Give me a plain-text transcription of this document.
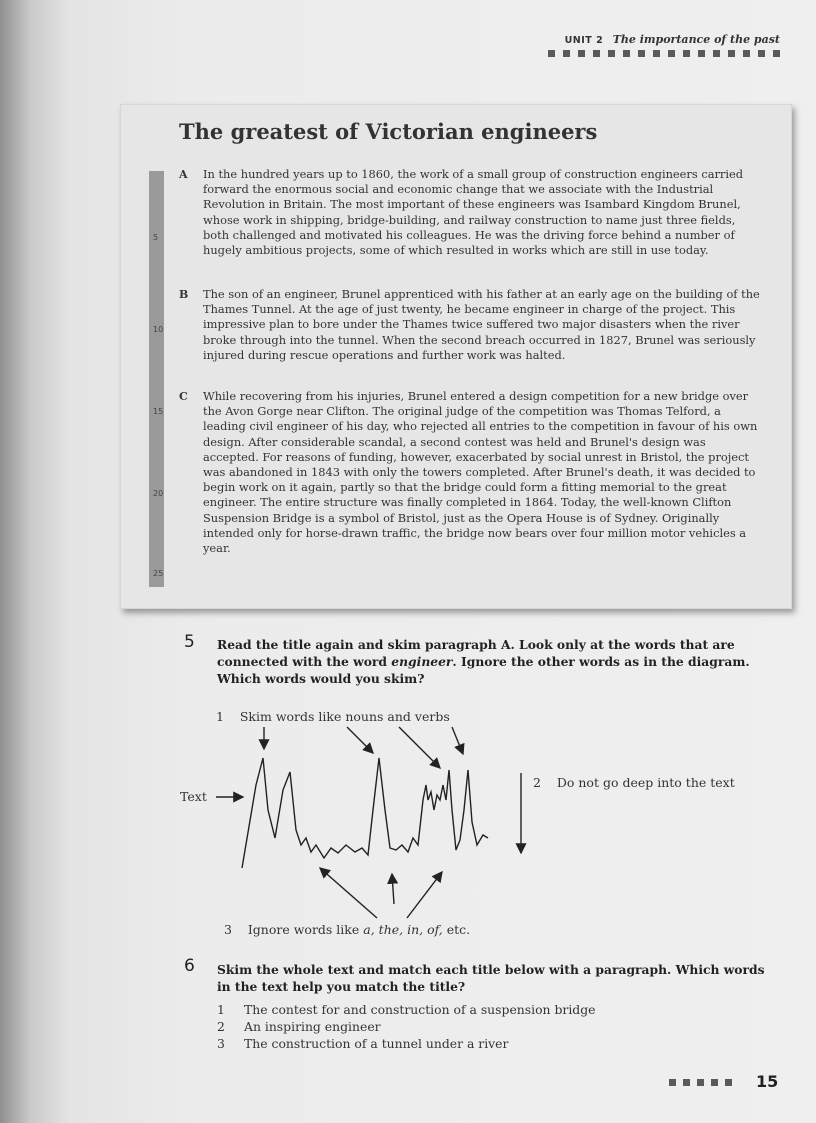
UNIT 2 The importance of the past
The greatest of Victorian engineers
5
10
15
20
25
A In the hundred years up to 1860, the work of a small group of construction engineers carried forward the enormous social and economic change that we associate with the Industrial Revolution in Britain. The most important of these engineers was Isambard Kingdom Brunel, whose work in shipping, bridge-building, and railway construction to name just three fields, both challenged and motivated his colleagues. He was the driving force behind a number of hugely ambitious projects, some of which resulted in works which are still in use today.
B The son of an engineer, Brunel apprenticed with his father at an early age on the building of the Thames Tunnel. At the age of just twenty, he became engineer in charge of the project. This impressive plan to bore under the Thames twice suffered two major disasters when the river broke through into the tunnel. When the second breach occurred in 1827, Brunel was seriously injured during rescue operations and further work was halted.
C While recovering from his injuries, Brunel entered a design competition for a new bridge over the Avon Gorge near Clifton. The original judge of the competition was Thomas Telford, a leading civil engineer of his day, who rejected all entries to the competition in favour of his own design. After considerable scandal, a second contest was held and Brunel's design was accepted. For reasons of funding, however, exacerbated by social unrest in Bristol, the project was abandoned in 1843 with only the towers completed. After Brunel's death, it was decided to begin work on it again, partly so that the bridge could form a fitting memorial to the great engineer. The entire structure was finally completed in 1864. Today, the well-known Clifton Suspension Bridge is a symbol of Bristol, just as the Opera House is of Sydney. Originally intended only for horse-drawn traffic, the bridge now bears over four million motor vehicles a year.
5 Read the title again and skim paragraph A. Look only at the words that are connected with the word engineer. Ignore the other words as in the diagram. Which words would you skim?
1 Skim words like nouns and verbs
2 Do not go deep into the text
Text
3 Ignore words like a, the, in, of, etc.
6 Skim the whole text and match each title below with a paragraph. Which words in the text help you match the title?
1 The contest for and construction of a suspension bridge
2 An inspiring engineer
3 The construction of a tunnel under a river
15
